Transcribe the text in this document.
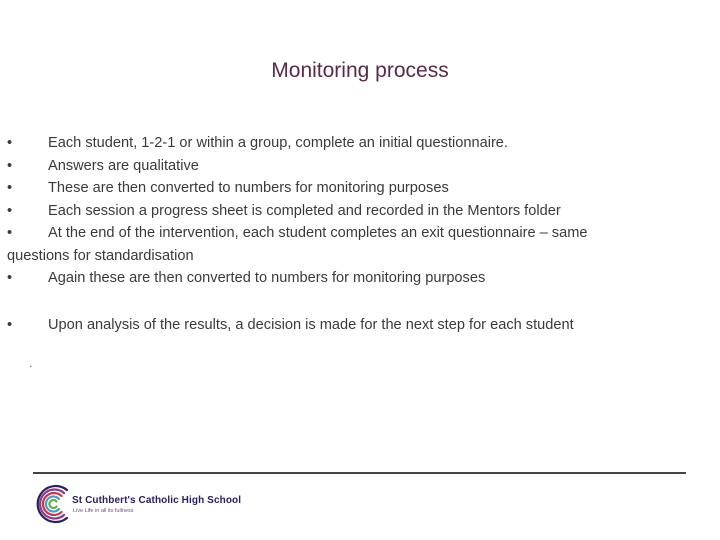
Monitoring process
•	Each student, 1-2-1 or within a group, complete an initial questionnaire.
•	Answers are qualitative
•	These are then converted to numbers for monitoring purposes
•	Each session a progress sheet is completed and recorded in the Mentors folder
•	At the end of the intervention, each student completes an exit questionnaire – same
questions for standardisation
•	Again these are then converted to numbers for monitoring purposes
•	Upon analysis of the results, a decision is made for the next step for each student
.
St Cuthbert's Catholic High School
Live Life in all its fullness
